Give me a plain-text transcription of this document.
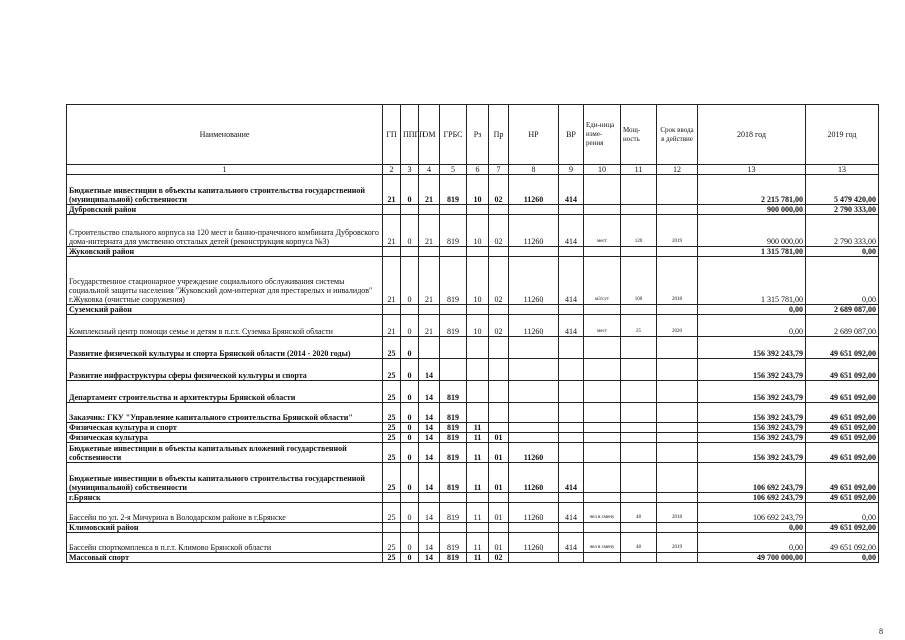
Наименование	ГП	ППГП	ОМ	ГРБС	Рз	Пр	НР	ВР	Еди-ница изме-рения	Мощ-ность	Срок ввода в действие	2018 год	2019 год
1	2	3	4	5	6	7	8	9	10	11	12	13	13
Бюджетные инвестиции в объекты капитального строительства государственной (муниципальной) собственности	21	0	21	819	10	02	11260	414				2 215 781,00	5 479 420,00
Дубровский район												900 000,00	2 790 333,00
Строительство спального корпуса на 120 мест и банно-прачечного комбината Дубровского дома-интерната для умственно отсталых детей (реконструкция корпуса №3)	21	0	21	819	10	02	11260	414	мест	120	2019	900 000,00	2 790 333,00
Жуковский район												1 315 781,00	0,00
Государственное стационарное учреждение социального обслуживания системы социальной защиты населения "Жуковский дом-интернат для престарелых и инвалидов" г.Жуковка (очистные сооружения)	21	0	21	819	10	02	11260	414	м3/сут	100	2018	1 315 781,00	0,00
Суземский район												0,00	2 689 087,00
Комплексный центр помощи семье и детям в п.г.т. Суземка Брянской области	21	0	21	819	10	02	11260	414	мест	25	2020	0,00	2 689 087,00
Развитие физической культуры и спорта Брянской области (2014 - 2020 годы)	25	0										156 392 243,79	49 651 092,00
Развитие инфраструктуры сферы физической культуры и спорта	25	0	14									156 392 243,79	49 651 092,00
Департамент строительства и архитектуры Брянской области	25	0	14	819								156 392 243,79	49 651 092,00
Заказчик: ГКУ "Управление капитального строительства Брянской области"	25	0	14	819								156 392 243,79	49 651 092,00
Физическая культура и спорт	25	0	14	819	11							156 392 243,79	49 651 092,00
Физическая культура	25	0	14	819	11	01						156 392 243,79	49 651 092,00
Бюджетные инвестиции в объекты капитальных вложений государственной собственности	25	0	14	819	11	01	11260					156 392 243,79	49 651 092,00
Бюджетные инвестиции в объекты капитального строительства государственной (муниципальной) собственности	25	0	14	819	11	01	11260	414				106 692 243,79	49 651 092,00
г.Брянск												106 692 243,79	49 651 092,00
Бассейн по ул. 2-я Мичурина в Володарском районе в г.Брянске	25	0	14	819	11	01	11260	414	чел в смену	48	2018	106 692 243,79	0,00
Климовский район												0,00	49 651 092,00
Бассейн спорткомплекса в п.г.т. Климово Брянской области	25	0	14	819	11	01	11260	414	чел в смену	48	2019	0,00	49 651 092,00
Массовый спорт	25	0	14	819	11	02						49 700 000,00	0,00
8
